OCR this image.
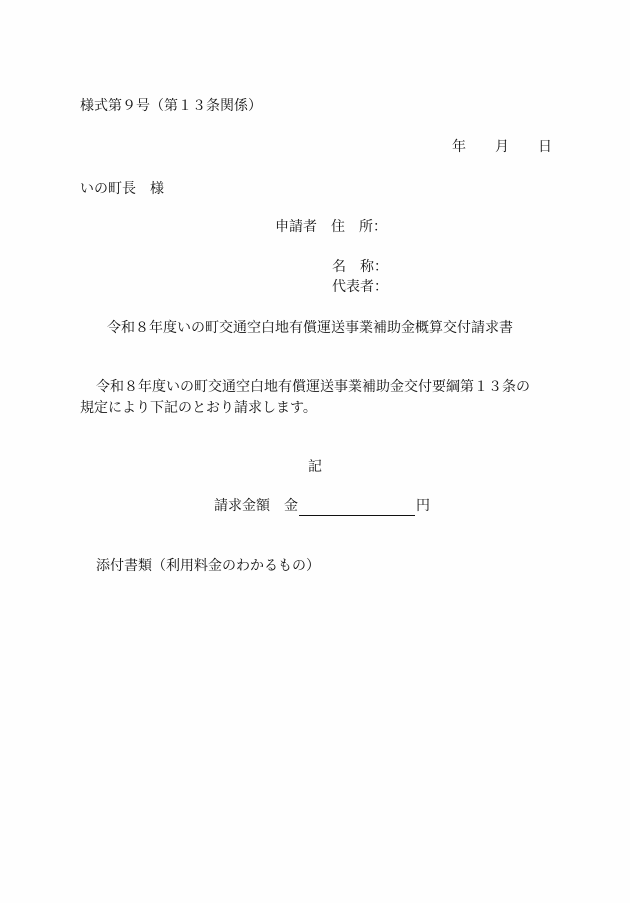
様式第９号（第１３条関係）
年 月 日
いの町長 様
申請者 住　所：
名　称：
代表者：
令和８年度いの町交通空白地有償運送事業補助金概算交付請求書
令和８年度いの町交通空白地有償運送事業補助金交付要綱第１３条の
規定により下記のとおり請求します。
記
請求金額 金	円
添付書類（利用料金のわかるもの）
